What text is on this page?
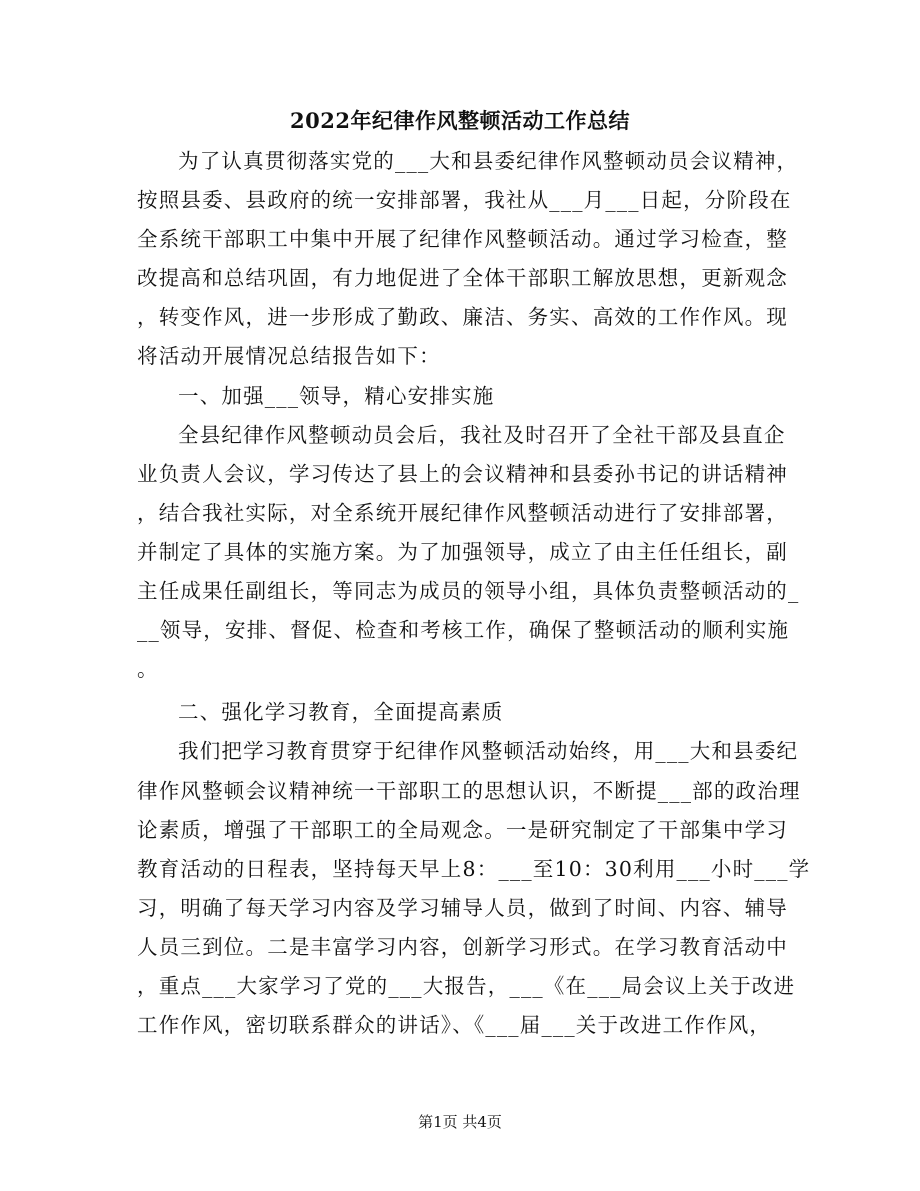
2022年纪律作风整顿活动工作总结
为了认真贯彻落实党的___大和县委纪律作风整顿动员会议精神，
按照县委、县政府的统一安排部署，我社从___月___日起，分阶段在
全系统干部职工中集中开展了纪律作风整顿活动。通过学习检查，整
改提高和总结巩固，有力地促进了全体干部职工解放思想，更新观念
，转变作风，进一步形成了勤政、廉洁、务实、高效的工作作风。现
将活动开展情况总结报告如下：
一、加强___领导，精心安排实施
全县纪律作风整顿动员会后，我社及时召开了全社干部及县直企
业负责人会议，学习传达了县上的会议精神和县委孙书记的讲话精神
，结合我社实际，对全系统开展纪律作风整顿活动进行了安排部署，
并制定了具体的实施方案。为了加强领导，成立了由主任任组长，副
主任成果任副组长，等同志为成员的领导小组，具体负责整顿活动的_
__领导，安排、督促、检查和考核工作，确保了整顿活动的顺利实施
。
二、强化学习教育，全面提高素质
我们把学习教育贯穿于纪律作风整顿活动始终，用___大和县委纪
律作风整顿会议精神统一干部职工的思想认识，不断提___部的政治理
论素质，增强了干部职工的全局观念。一是研究制定了干部集中学习
教育活动的日程表，坚持每天早上8：___至10：30利用___小时___学
习，明确了每天学习内容及学习辅导人员，做到了时间、内容、辅导
人员三到位。二是丰富学习内容，创新学习形式。在学习教育活动中
，重点___大家学习了党的___大报告，___《在___局会议上关于改进
工作作风，密切联系群众的讲话》、《___届___关于改进工作作风，
第1页 共4页
